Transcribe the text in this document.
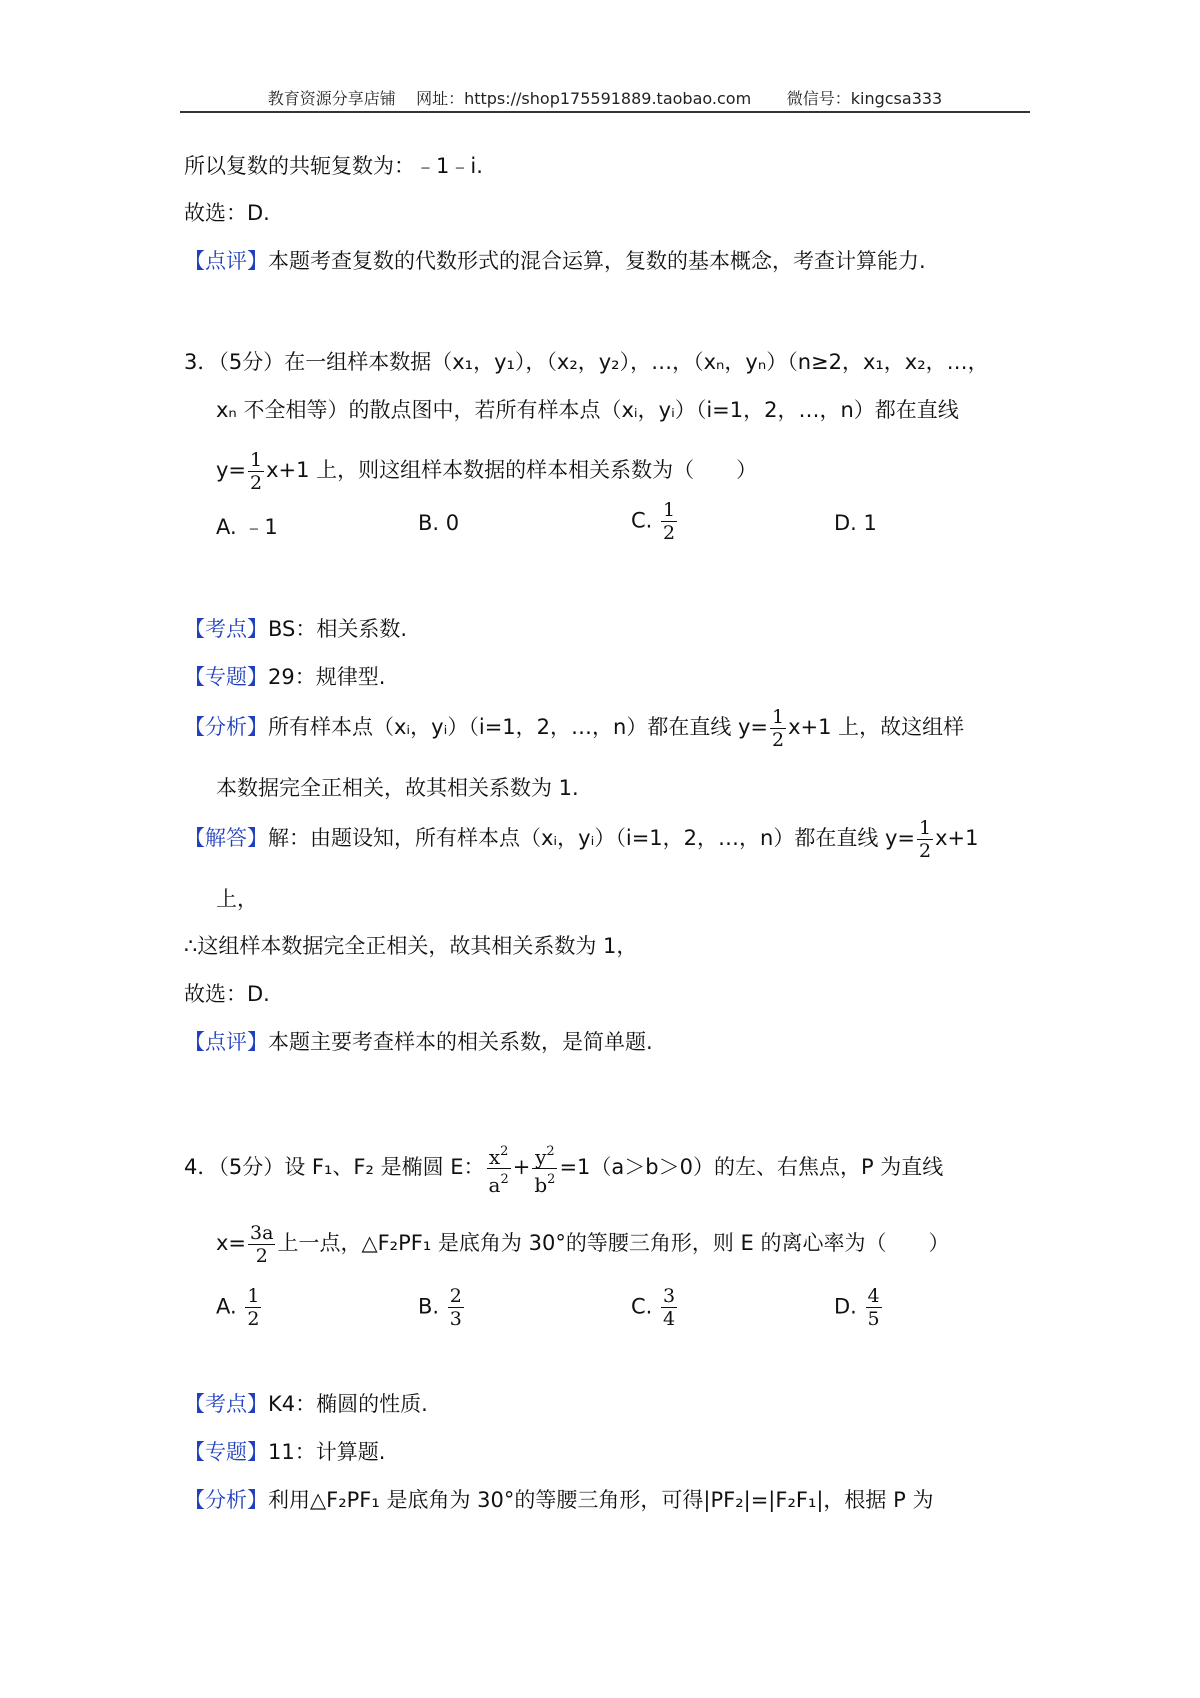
教育资源分享店铺    网址：https://shop175591889.taobao.com       微信号：kingcsa333
所以复数的共轭复数为：﹣1﹣i.
故选：D.
【点评】本题考查复数的代数形式的混合运算，复数的基本概念，考查计算能力.
3．（5分）在一组样本数据（x₁，y₁），（x₂，y₂），…，（xₙ，yₙ）（n≥2，x₁，x₂，…，
xₙ 不全相等）的散点图中，若所有样本点（xᵢ，yᵢ）（i=1，2，…，n）都在直线
$y= \frac{1}{2} x+1$ 上，则这组样本数据的样本相关系数为（　　）
A. ﹣1	B. 0	C. $\frac{1}{2}$	D. 1
【考点】BS：相关系数.
【专题】29：规律型.
【分析】所有样本点（xᵢ，yᵢ）（i=1，2，…，n）都在直线 $y= \frac{1}{2} x+1$ 上，故这组样
本数据完全正相关，故其相关系数为 1.
【解答】解：由题设知，所有样本点（xᵢ，yᵢ）（i=1，2，…，n）都在直线 $y= \frac{1}{2} x+1$
上，
∴这组样本数据完全正相关，故其相关系数为 1，
故选：D.
【点评】本题主要考查样本的相关系数，是简单题.
4．（5分）设 F₁、F₂ 是椭圆 E： $\frac{x^2}{a^2} + \frac{y^2}{b^2} =1(a>b>0)$的左、右焦点，P 为直线
$x= \frac{3a}{2}$ 上一点，△F₂PF₁ 是底角为 30°的等腰三角形，则 E 的离心率为（　　）
A. $\frac{1}{2}$	B. $\frac{2}{3}$	C. $\frac{3}{4}$	D. $\frac{4}{5}$
【考点】K4：椭圆的性质.
【专题】11：计算题.
【分析】利用△F₂PF₁ 是底角为 30°的等腰三角形，可得|PF₂|=|F₂F₁|，根据 P 为
